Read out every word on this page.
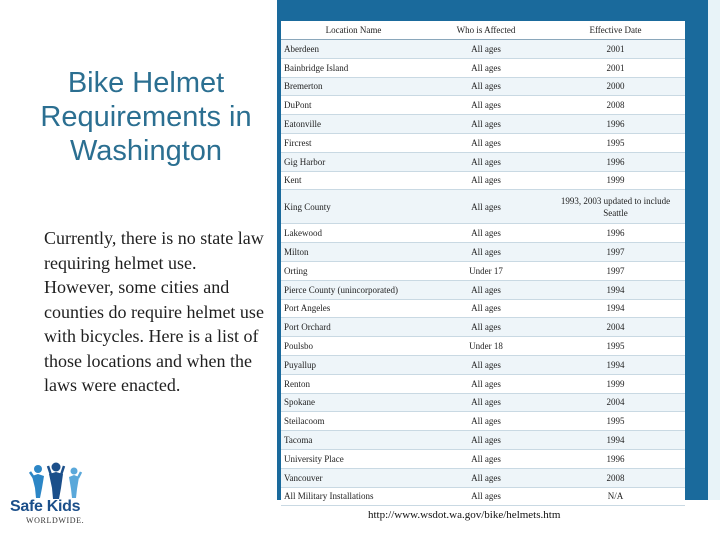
Bike Helmet Requirements in Washington

Currently, there is no state law requiring helmet use. However, some cities and counties do require helmet use with bicycles. Here is a list of those locations and when the laws were enacted.

Safe Kids
WORLDWIDE.
Location Name	Who is Affected	Effective Date
Aberdeen	All ages	2001
Bainbridge Island	All ages	2001
Bremerton	All ages	2000
DuPont	All ages	2008
Eatonville	All ages	1996
Fircrest	All ages	1995
Gig Harbor	All ages	1996
Kent	All ages	1999
King County	All ages	1993, 2003 updated to include Seattle
Lakewood	All ages	1996
Milton	All ages	1997
Orting	Under 17	1997
Pierce County (unincorporated)	All ages	1994
Port Angeles	All ages	1994
Port Orchard	All ages	2004
Poulsbo	Under 18	1995
Puyallup	All ages	1994
Renton	All ages	1999
Spokane	All ages	2004
Steilacoom	All ages	1995
Tacoma	All ages	1994
University Place	All ages	1996
Vancouver	All ages	2008
All Military Installations	All ages	N/A
http://www.wsdot.wa.gov/bike/helmets.htm
